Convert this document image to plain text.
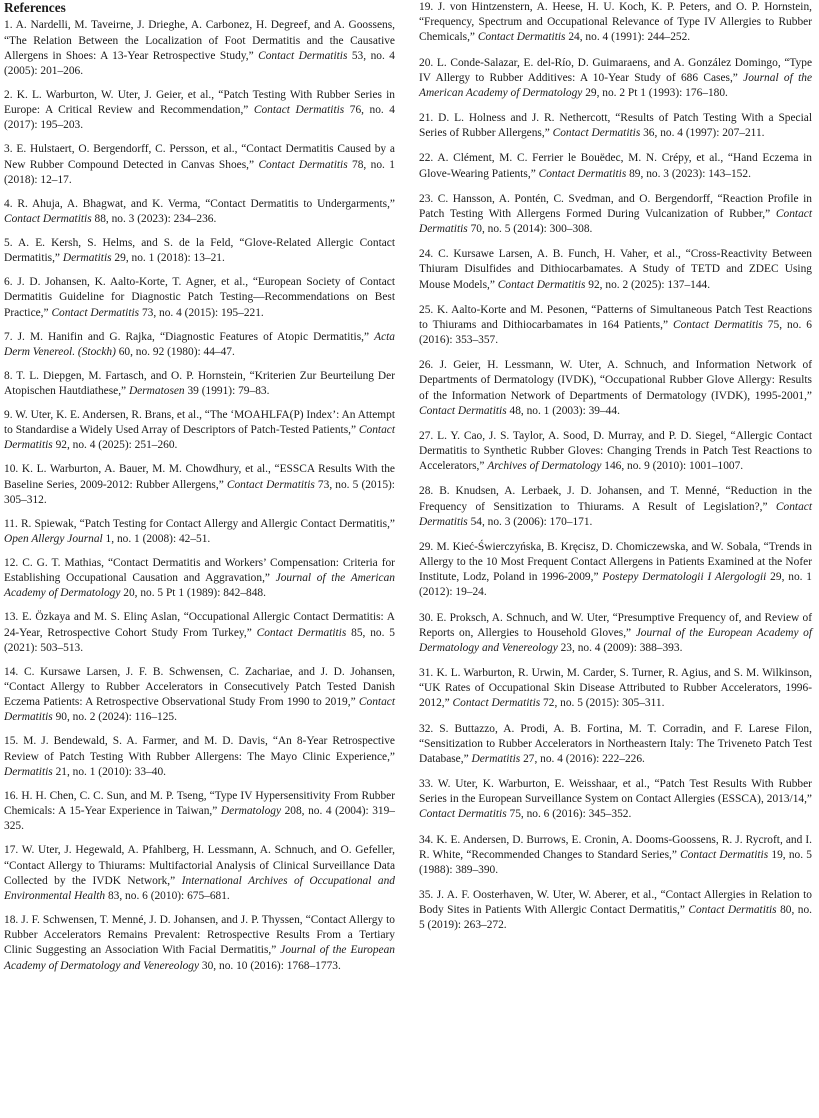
References

1. A. Nardelli, M. Taveirne, J. Drieghe, A. Carbonez, H. Degreef, and A. Goossens, “The Relation Between the Localization of Foot Dermatitis and the Causative Allergens in Shoes: A 13-Year Retrospective Study,” Contact Dermatitis 53, no. 4 (2005): 201–206.

2. K. L. Warburton, W. Uter, J. Geier, et al., “Patch Testing With Rubber Series in Europe: A Critical Review and Recommendation,” Contact Dermatitis 76, no. 4 (2017): 195–203.

3. E. Hulstaert, O. Bergendorff, C. Persson, et al., “Contact Dermatitis Caused by a New Rubber Compound Detected in Canvas Shoes,” Contact Dermatitis 78, no. 1 (2018): 12–17.

4. R. Ahuja, A. Bhagwat, and K. Verma, “Contact Dermatitis to Undergarments,” Contact Dermatitis 88, no. 3 (2023): 234–236.

5. A. E. Kersh, S. Helms, and S. de la Feld, “Glove-Related Allergic Contact Dermatitis,” Dermatitis 29, no. 1 (2018): 13–21.

6. J. D. Johansen, K. Aalto-Korte, T. Agner, et al., “European Society of Contact Dermatitis Guideline for Diagnostic Patch Testing—Recommendations on Best Practice,” Contact Dermatitis 73, no. 4 (2015): 195–221.

7. J. M. Hanifin and G. Rajka, “Diagnostic Features of Atopic Dermatitis,” Acta Derm Venereol. (Stockh) 60, no. 92 (1980): 44–47.

8. T. L. Diepgen, M. Fartasch, and O. P. Hornstein, “Kriterien Zur Beurteilung Der Atopischen Hautdiathese,” Dermatosen 39 (1991): 79–83.

9. W. Uter, K. E. Andersen, R. Brans, et al., “The ‘MOAHLFA(P) Index’: An Attempt to Standardise a Widely Used Array of Descriptors of Patch-Tested Patients,” Contact Dermatitis 92, no. 4 (2025): 251–260.

10. K. L. Warburton, A. Bauer, M. M. Chowdhury, et al., “ESSCA Results With the Baseline Series, 2009-2012: Rubber Allergens,” Contact Dermatitis 73, no. 5 (2015): 305–312.

11. R. Spiewak, “Patch Testing for Contact Allergy and Allergic Contact Dermatitis,” Open Allergy Journal 1, no. 1 (2008): 42–51.

12. C. G. T. Mathias, “Contact Dermatitis and Workers’ Compensation: Criteria for Establishing Occupational Causation and Aggravation,” Journal of the American Academy of Dermatology 20, no. 5 Pt 1 (1989): 842–848.

13. E. Özkaya and M. S. Elinç Aslan, “Occupational Allergic Contact Dermatitis: A 24-Year, Retrospective Cohort Study From Turkey,” Contact Dermatitis 85, no. 5 (2021): 503–513.

14. C. Kursawe Larsen, J. F. B. Schwensen, C. Zachariae, and J. D. Johansen, “Contact Allergy to Rubber Accelerators in Consecutively Patch Tested Danish Eczema Patients: A Retrospective Observational Study From 1990 to 2019,” Contact Dermatitis 90, no. 2 (2024): 116–125.

15. M. J. Bendewald, S. A. Farmer, and M. D. Davis, “An 8-Year Retrospective Review of Patch Testing With Rubber Allergens: The Mayo Clinic Experience,” Dermatitis 21, no. 1 (2010): 33–40.

16. H. H. Chen, C. C. Sun, and M. P. Tseng, “Type IV Hypersensitivity From Rubber Chemicals: A 15-Year Experience in Taiwan,” Dermatology 208, no. 4 (2004): 319–325.

17. W. Uter, J. Hegewald, A. Pfahlberg, H. Lessmann, A. Schnuch, and O. Gefeller, “Contact Allergy to Thiurams: Multifactorial Analysis of Clinical Surveillance Data Collected by the IVDK Network,” International Archives of Occupational and Environmental Health 83, no. 6 (2010): 675–681.

18. J. F. Schwensen, T. Menné, J. D. Johansen, and J. P. Thyssen, “Contact Allergy to Rubber Accelerators Remains Prevalent: Retrospective Results From a Tertiary Clinic Suggesting an Association With Facial Dermatitis,” Journal of the European Academy of Dermatology and Venereology 30, no. 10 (2016): 1768–1773.

19. J. von Hintzenstern, A. Heese, H. U. Koch, K. P. Peters, and O. P. Hornstein, “Frequency, Spectrum and Occupational Relevance of Type IV Allergies to Rubber Chemicals,” Contact Dermatitis 24, no. 4 (1991): 244–252.

20. L. Conde-Salazar, E. del-Río, D. Guimaraens, and A. González Domingo, “Type IV Allergy to Rubber Additives: A 10-Year Study of 686 Cases,” Journal of the American Academy of Dermatology 29, no. 2 Pt 1 (1993): 176–180.

21. D. L. Holness and J. R. Nethercott, “Results of Patch Testing With a Special Series of Rubber Allergens,” Contact Dermatitis 36, no. 4 (1997): 207–211.

22. A. Clément, M. C. Ferrier le Bouëdec, M. N. Crépy, et al., “Hand Eczema in Glove-Wearing Patients,” Contact Dermatitis 89, no. 3 (2023): 143–152.

23. C. Hansson, A. Pontén, C. Svedman, and O. Bergendorff, “Reaction Profile in Patch Testing With Allergens Formed During Vulcanization of Rubber,” Contact Dermatitis 70, no. 5 (2014): 300–308.

24. C. Kursawe Larsen, A. B. Funch, H. Vaher, et al., “Cross-Reactivity Between Thiuram Disulfides and Dithiocarbamates. A Study of TETD and ZDEC Using Mouse Models,” Contact Dermatitis 92, no. 2 (2025): 137–144.

25. K. Aalto-Korte and M. Pesonen, “Patterns of Simultaneous Patch Test Reactions to Thiurams and Dithiocarbamates in 164 Patients,” Contact Dermatitis 75, no. 6 (2016): 353–357.

26. J. Geier, H. Lessmann, W. Uter, A. Schnuch, and Information Network of Departments of Dermatology (IVDK), “Occupational Rubber Glove Allergy: Results of the Information Network of Departments of Dermatology (IVDK), 1995-2001,” Contact Dermatitis 48, no. 1 (2003): 39–44.

27. L. Y. Cao, J. S. Taylor, A. Sood, D. Murray, and P. D. Siegel, “Allergic Contact Dermatitis to Synthetic Rubber Gloves: Changing Trends in Patch Test Reactions to Accelerators,” Archives of Dermatology 146, no. 9 (2010): 1001–1007.

28. B. Knudsen, A. Lerbaek, J. D. Johansen, and T. Menné, “Reduction in the Frequency of Sensitization to Thiurams. A Result of Legislation?,” Contact Dermatitis 54, no. 3 (2006): 170–171.

29. M. Kieć-Świerczyńska, B. Kręcisz, D. Chomiczewska, and W. Sobala, “Trends in Allergy to the 10 Most Frequent Contact Allergens in Patients Examined at the Nofer Institute, Lodz, Poland in 1996-2009,” Postepy Dermatologii I Alergologii 29, no. 1 (2012): 19–24.

30. E. Proksch, A. Schnuch, and W. Uter, “Presumptive Frequency of, and Review of Reports on, Allergies to Household Gloves,” Journal of the European Academy of Dermatology and Venereology 23, no. 4 (2009): 388–393.

31. K. L. Warburton, R. Urwin, M. Carder, S. Turner, R. Agius, and S. M. Wilkinson, “UK Rates of Occupational Skin Disease Attributed to Rubber Accelerators, 1996-2012,” Contact Dermatitis 72, no. 5 (2015): 305–311.

32. S. Buttazzo, A. Prodi, A. B. Fortina, M. T. Corradin, and F. Larese Filon, “Sensitization to Rubber Accelerators in Northeastern Italy: The Triveneto Patch Test Database,” Dermatitis 27, no. 4 (2016): 222–226.

33. W. Uter, K. Warburton, E. Weisshaar, et al., “Patch Test Results With Rubber Series in the European Surveillance System on Contact Allergies (ESSCA), 2013/14,” Contact Dermatitis 75, no. 6 (2016): 345–352.

34. K. E. Andersen, D. Burrows, E. Cronin, A. Dooms-Goossens, R. J. Rycroft, and I. R. White, “Recommended Changes to Standard Series,” Contact Dermatitis 19, no. 5 (1988): 389–390.

35. J. A. F. Oosterhaven, W. Uter, W. Aberer, et al., “Contact Allergies in Relation to Body Sites in Patients With Allergic Contact Dermatitis,” Contact Dermatitis 80, no. 5 (2019): 263–272.
